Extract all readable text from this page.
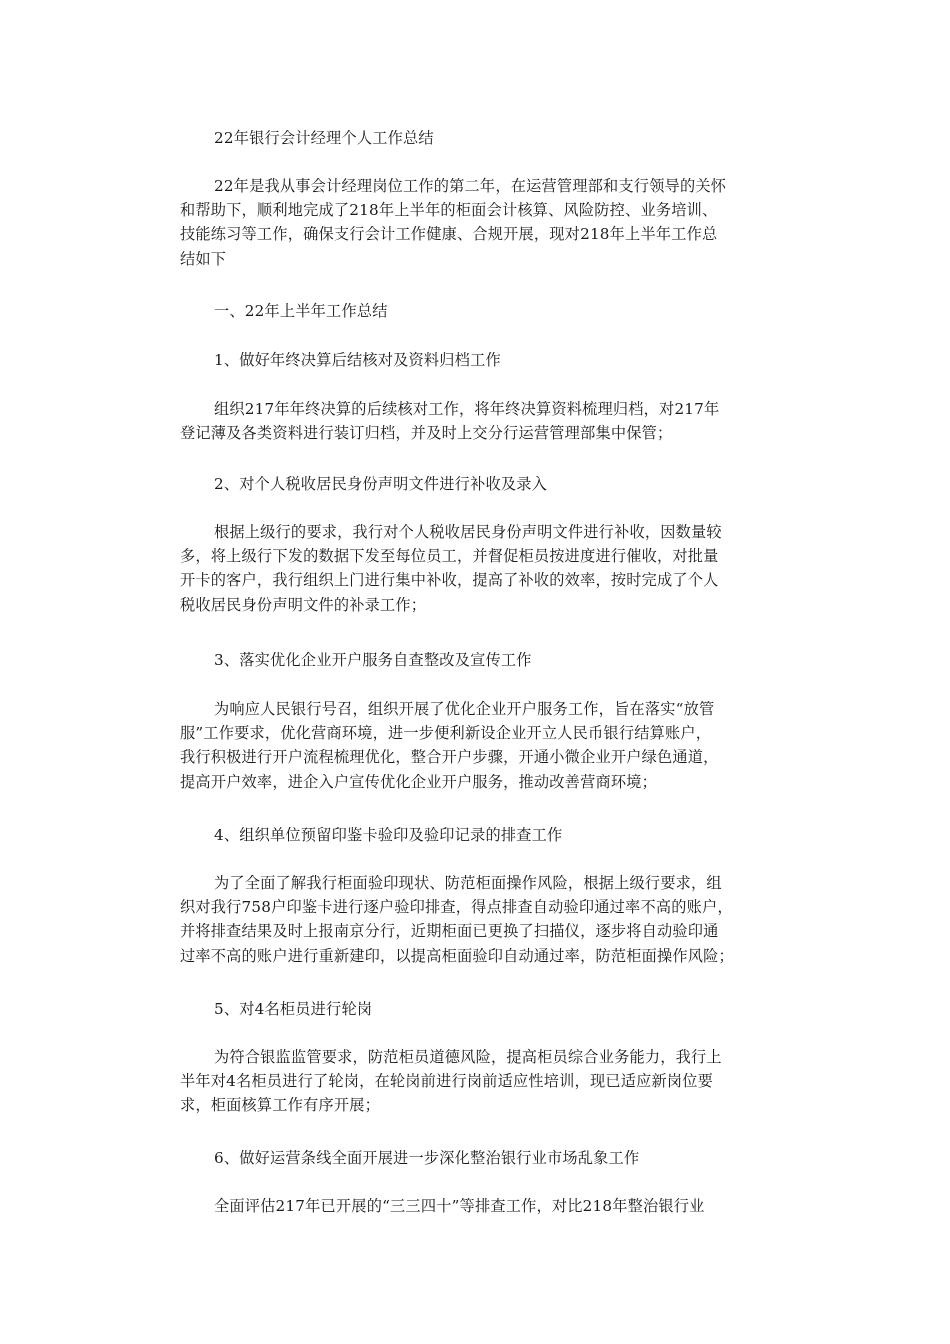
22年银行会计经理个人工作总结
22年是我从事会计经理岗位工作的第二年，在运营管理部和支行领导的关怀
和帮助下，顺利地完成了218年上半年的柜面会计核算、风险防控、业务培训、
技能练习等工作，确保支行会计工作健康、合规开展，现对218年上半年工作总
结如下
一、22年上半年工作总结
1、做好年终决算后结核对及资料归档工作
组织217年年终决算的后续核对工作，将年终决算资料梳理归档，对217年
登记薄及各类资料进行装订归档，并及时上交分行运营管理部集中保管；
2、对个人税收居民身份声明文件进行补收及录入
根据上级行的要求，我行对个人税收居民身份声明文件进行补收，因数量较
多，将上级行下发的数据下发至每位员工，并督促柜员按进度进行催收，对批量
开卡的客户，我行组织上门进行集中补收，提高了补收的效率，按时完成了个人
税收居民身份声明文件的补录工作；
3、落实优化企业开户服务自查整改及宣传工作
为响应人民银行号召，组织开展了优化企业开户服务工作，旨在落实“放管
服”工作要求，优化营商环境，进一步便利新设企业开立人民币银行结算账户，
我行积极进行开户流程梳理优化，整合开户步骤，开通小微企业开户绿色通道，
提高开户效率，进企入户宣传优化企业开户服务，推动改善营商环境；
4、组织单位预留印鉴卡验印及验印记录的排查工作
为了全面了解我行柜面验印现状、防范柜面操作风险，根据上级行要求，组
织对我行758户印鉴卡进行逐户验印排查，得点排查自动验印通过率不高的账户，
并将排查结果及时上报南京分行，近期柜面已更换了扫描仪，逐步将自动验印通
过率不高的账户进行重新建印，以提高柜面验印自动通过率，防范柜面操作风险；
5、对4名柜员进行轮岗
为符合银监监管要求，防范柜员道德风险，提高柜员综合业务能力，我行上
半年对4名柜员进行了轮岗，在轮岗前进行岗前适应性培训，现已适应新岗位要
求，柜面核算工作有序开展；
6、做好运营条线全面开展进一步深化整治银行业市场乱象工作
全面评估217年已开展的“三三四十”等排查工作，对比218年整治银行业
